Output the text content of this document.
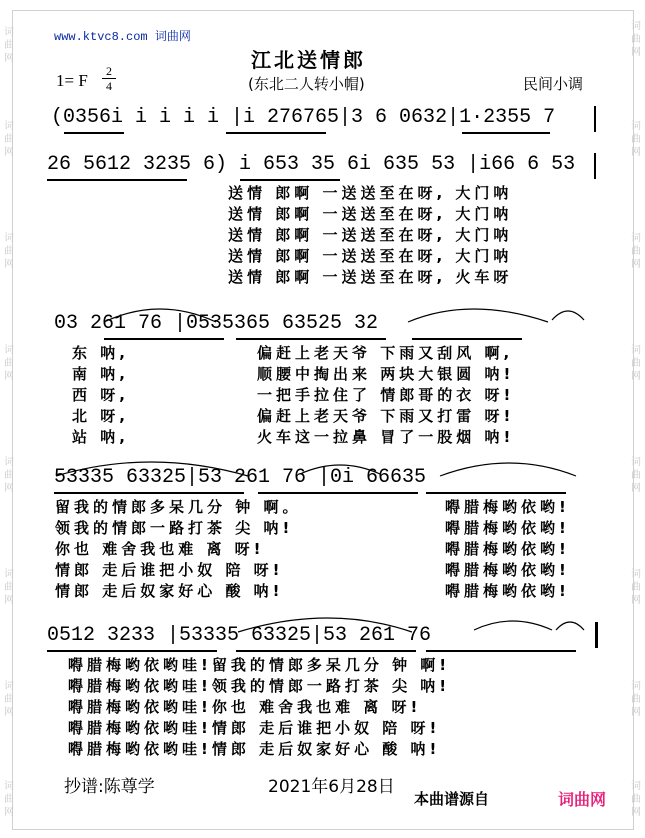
词曲网
词曲网
词曲网
词曲网
词曲网
词曲网
词曲网
词曲网
词曲网
词曲网
词曲网
词曲网
词曲网
词曲网
词曲网
词曲网
www.ktvc8.com 词曲网
江北送情郎
(东北二人转小帽)
1= F	2
4	民间小调
(0356i i i i i |i 276765|3 6 0632|1·2355 7
26 5612 3235 6) i 653 35 6i 635 53 |i66 6 53
送情 郎啊 一送送至在呀, 大门呐
送情 郎啊 一送送至在呀, 大门呐
送情 郎啊 一送送至在呀, 大门呐
送情 郎啊 一送送至在呀, 大门呐
送情 郎啊 一送送至在呀, 火车呀
03 261 76 |0535365 63525 32
东 呐,
南 呐,
西 呀,
北 呀,
站 呐,
偏赶上老天爷 下雨又刮风 啊,
顺腰中掏出来 两块大银圆 呐!
一把手拉住了 情郎哥的衣 呀!
偏赶上老天爷 下雨又打雷 呀!
火车这一拉鼻 冒了一股烟 呐!
53335 63325|53 261 76 |0i 66635
留我的情郎多呆几分 钟 啊。
领我的情郎一路打茶 尖 呐!
你也 难舍我也难 离 呀!
情郎 走后谁把小奴 陪 呀!
情郎 走后奴家好心 酸 呐!
嘚腊梅哟依哟!
嘚腊梅哟依哟!
嘚腊梅哟依哟!
嘚腊梅哟依哟!
嘚腊梅哟依哟!
0512 3233 |53335 63325|53 261 76
嘚腊梅哟依哟哇!留我的情郎多呆几分 钟 啊!
嘚腊梅哟依哟哇!领我的情郎一路打茶 尖 呐!
嘚腊梅哟依哟哇!你也 难舍我也难 离 呀!
嘚腊梅哟依哟哇!情郎 走后谁把小奴 陪 呀!
嘚腊梅哟依哟哇!情郎 走后奴家好心 酸 呐!
抄谱:陈尊学	2021年6月28日
本曲谱源自	词曲网
